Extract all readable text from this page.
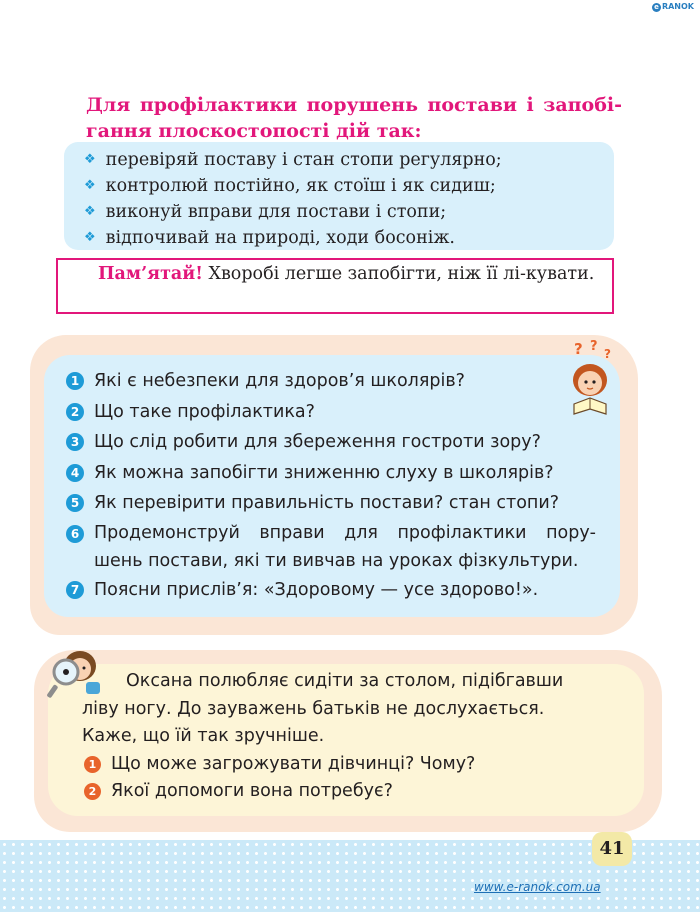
e RANOK
Для профілактики порушень постави і запобі-
гання плоскостопості дій так:
❖ перевіряй поставу і стан стопи регулярно;
❖ контролюй постійно, як стоїш і як сидиш;
❖ виконуй вправи для постави і стопи;
❖ відпочивай на природі, ходи босоніж.
Пам’ятай! Хворобі легше запобігти, ніж її лі-кувати.
? ? ?
1 Які є небезпеки для здоров’я школярів?
2 Що таке профілактика?
3 Що слід робити для збереження гостроти зору?
4 Як можна запобігти зниженню слуху в школярів?
5 Як перевірити правильність постави? стан стопи?
6 Продемонструй вправи для профілактики пору-
шень постави, які ти вивчав на уроках фізкультури.
7 Поясни прислів’я: «Здоровому — усе здорово!».
Оксана полюбляє сидіти за столом, підібгавши
ліву ногу. До зауважень батьків не дослухається.
Каже, що їй так зручніше.
1 Що може загрожувати дівчинці? Чому?
2 Якої допомоги вона потребує?
41
www.e-ranok.com.ua
